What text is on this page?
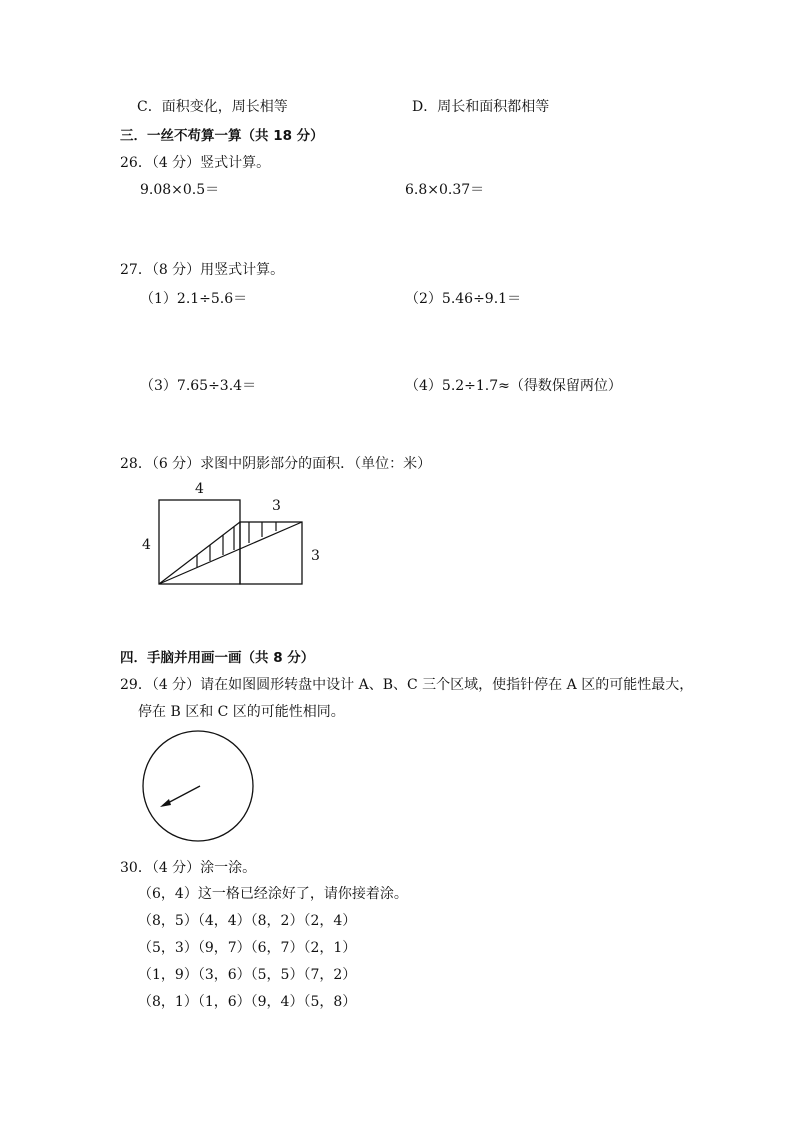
C．面积变化，周长相等	D．周长和面积都相等
三．一丝不苟算一算（共 18 分）
26．（4 分）竖式计算。
9.08×0.5＝	6.8×0.37＝
27．（8 分）用竖式计算。
（1）2.1÷5.6＝	（2）5.46÷9.1＝
（3）7.65÷3.4＝	（4）5.2÷1.7≈（得数保留两位）
28．（6 分）求图中阴影部分的面积．（单位：米）
4
4
3
3
四．手脑并用画一画（共 8 分）
29．（4 分）请在如图圆形转盘中设计 A、B、C 三个区域，使指针停在 A 区的可能性最大，
停在 B 区和 C 区的可能性相同。
30．（4 分）涂一涂。
（6，4）这一格已经涂好了，请你接着涂。
（8，5）（4，4）（8，2）（2，4）
（5，3）（9，7）（6，7）（2，1）
（1，9）（3，6）（5，5）（7，2）
（8，1）（1，6）（9，4）（5，8）
